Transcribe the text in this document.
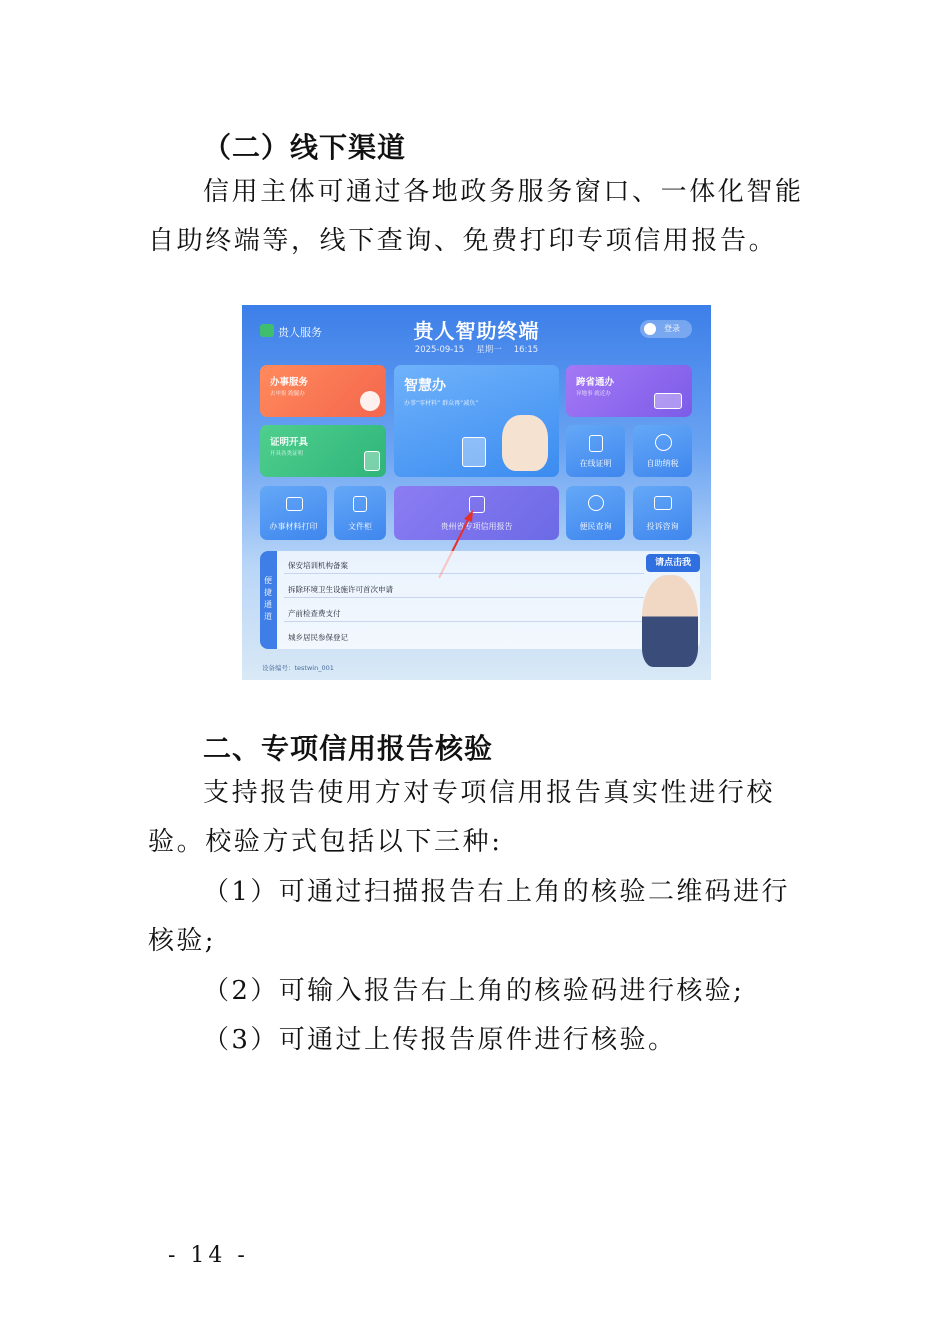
（二）线下渠道

信用主体可通过各地政务服务窗口、一体化智能自助终端等，线下查询、免费打印专项信用报告。

贵人服务	贵人智助终端
2025-09-15 星期一 16:15
登录
办事服务
去申报 跑腿办
证明开具
开具各类证明
智慧办
办事“零材料” 群众再“减负”
跨省通办
异地事 就近办
在线证明	自助纳税
办事材料打印	文件柜	贵州省专项信用报告	便民查询	投诉咨询
便
捷
通
道
保安培训机构备案
拆除环境卫生设施许可首次申请
产前检查费支付
城乡居民参保登记
请点击我
设备编号：testwin_001
二、专项信用报告核验

支持报告使用方对专项信用报告真实性进行校验。校验方式包括以下三种:

（1）可通过扫描报告右上角的核验二维码进行核验;

（2）可输入报告右上角的核验码进行核验;

（3）可通过上传报告原件进行核验。

- 14 -
